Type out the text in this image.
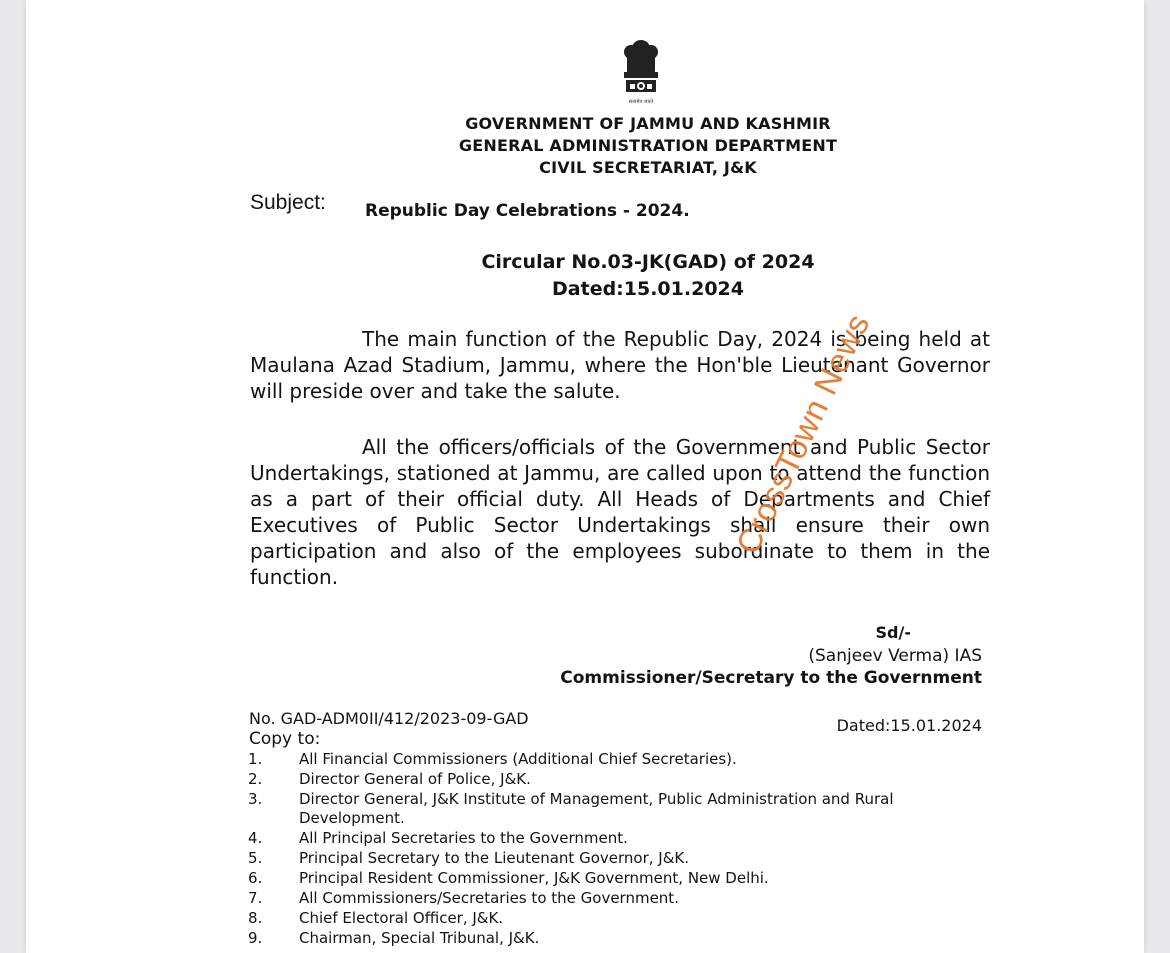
सत्यमेव जयते
GOVERNMENT OF JAMMU AND KASHMIR
GENERAL ADMINISTRATION DEPARTMENT
CIVIL SECRETARIAT, J&K
Subject: Republic Day Celebrations - 2024.
Circular No.03-JK(GAD) of 2024
Dated:15.01.2024

The main function of the Republic Day, 2024 is being held at Maulana Azad Stadium, Jammu, where the Hon'ble Lieutenant Governor will preside over and take the salute.

All the officers/officials of the Government and Public Sector Undertakings, stationed at Jammu, are called upon to attend the function as a part of their official duty. All Heads of Departments and Chief Executives of Public Sector Undertakings shall ensure their own participation and also of the employees subordinate to them in the function.

Sd/-
(Sanjeev Verma) IAS
Commissioner/Secretary to the Government
No. GAD-ADM0II/412/2023-09-GAD	Dated:15.01.2024
Copy to:
1. All Financial Commissioners (Additional Chief Secretaries).
2. Director General of Police, J&K.
3. Director General, J&K Institute of Management, Public Administration and Rural Development.
4. All Principal Secretaries to the Government.
5. Principal Secretary to the Lieutenant Governor, J&K.
6. Principal Resident Commissioner, J&K Government, New Delhi.
7. All Commissioners/Secretaries to the Government.
8. Chief Electoral Officer, J&K.
9. Chairman, Special Tribunal, J&K.
CrossTown News
